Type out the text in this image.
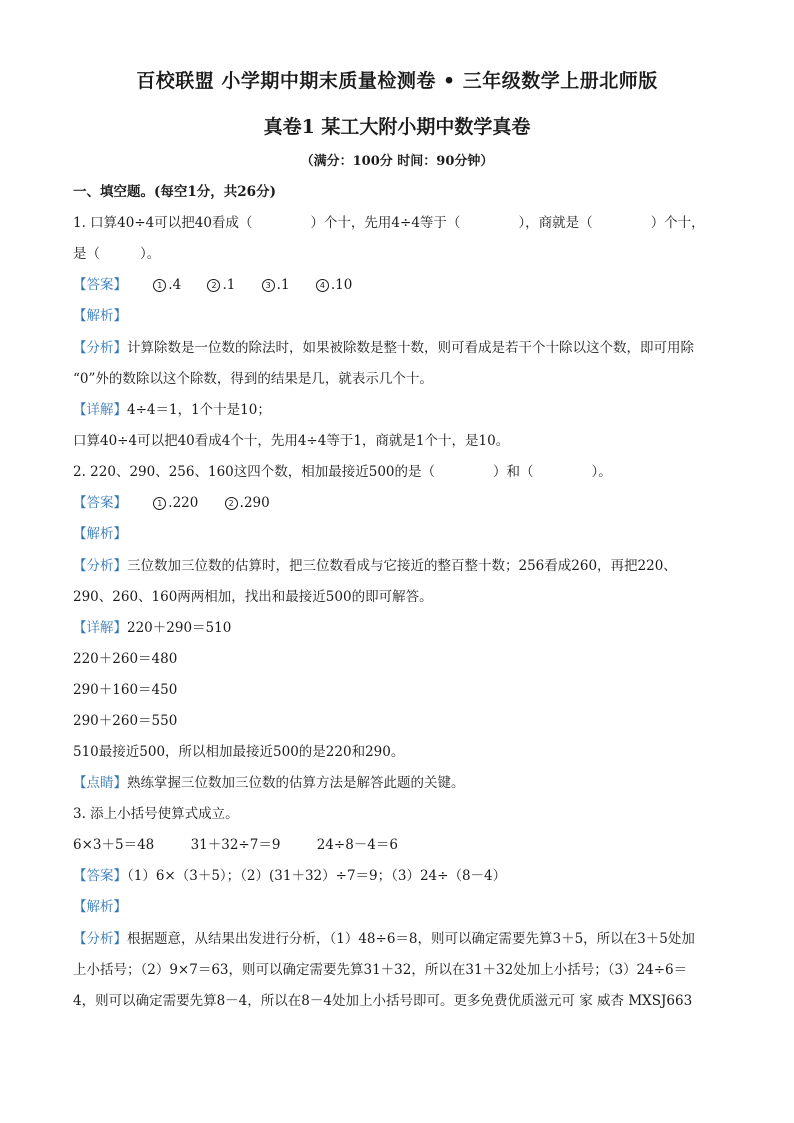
百校联盟 小学期中期末质量检测卷 • 三年级数学上册北师版
真卷1 某工大附小期中数学真卷
（满分：100分 时间：90分钟）
一、填空题。(每空1分，共26分)
1. 口算40÷4可以把40看成（	）个十，先用4÷4等于（	），商就是（	）个十，
是（	）。
【答案】	1 .4	2 .1	3 .1	4 .10
【解析】
【分析】计算除数是一位数的除法时，如果被除数是整十数，则可看成是若干个十除以这个数，即可用除
“0”外的数除以这个除数，得到的结果是几，就表示几个十。
【详解】4÷4＝1，1个十是10；
口算40÷4可以把40看成4个十，先用4÷4等于1，商就是1个十，是10。
2. 220、290、256、160这四个数，相加最接近500的是（	）和（	）。
【答案】	1 .220	2 .290
【解析】
【分析】三位数加三位数的估算时，把三位数看成与它接近的整百整十数；256看成260，再把220、
290、260、160两两相加，找出和最接近500的即可解答。
【详解】220＋290＝510
220＋260＝480
290＋160＝450
290＋260＝550
510最接近500，所以相加最接近500的是220和290。
【点睛】熟练掌握三位数加三位数的估算方法是解答此题的关键。
3. 添上小括号使算式成立。
6×3＋5＝48	31＋32÷7＝9	24÷8－4＝6
【答案】（1）6×（3＋5）；（2）(31＋32）÷7＝9；（3）24÷（8－4）
【解析】
【分析】根据题意，从结果出发进行分析，（1）48÷6＝8，则可以确定需要先算3＋5，所以在3＋5处加
上小括号；（2）9×7＝63，则可以确定需要先算31＋32，所以在31＋32处加上小括号；（3）24÷6＝
4，则可以确定需要先算8－4，所以在8－4处加上小括号即可。更多免费优质滋元可 家 威杏 MXSJ663
